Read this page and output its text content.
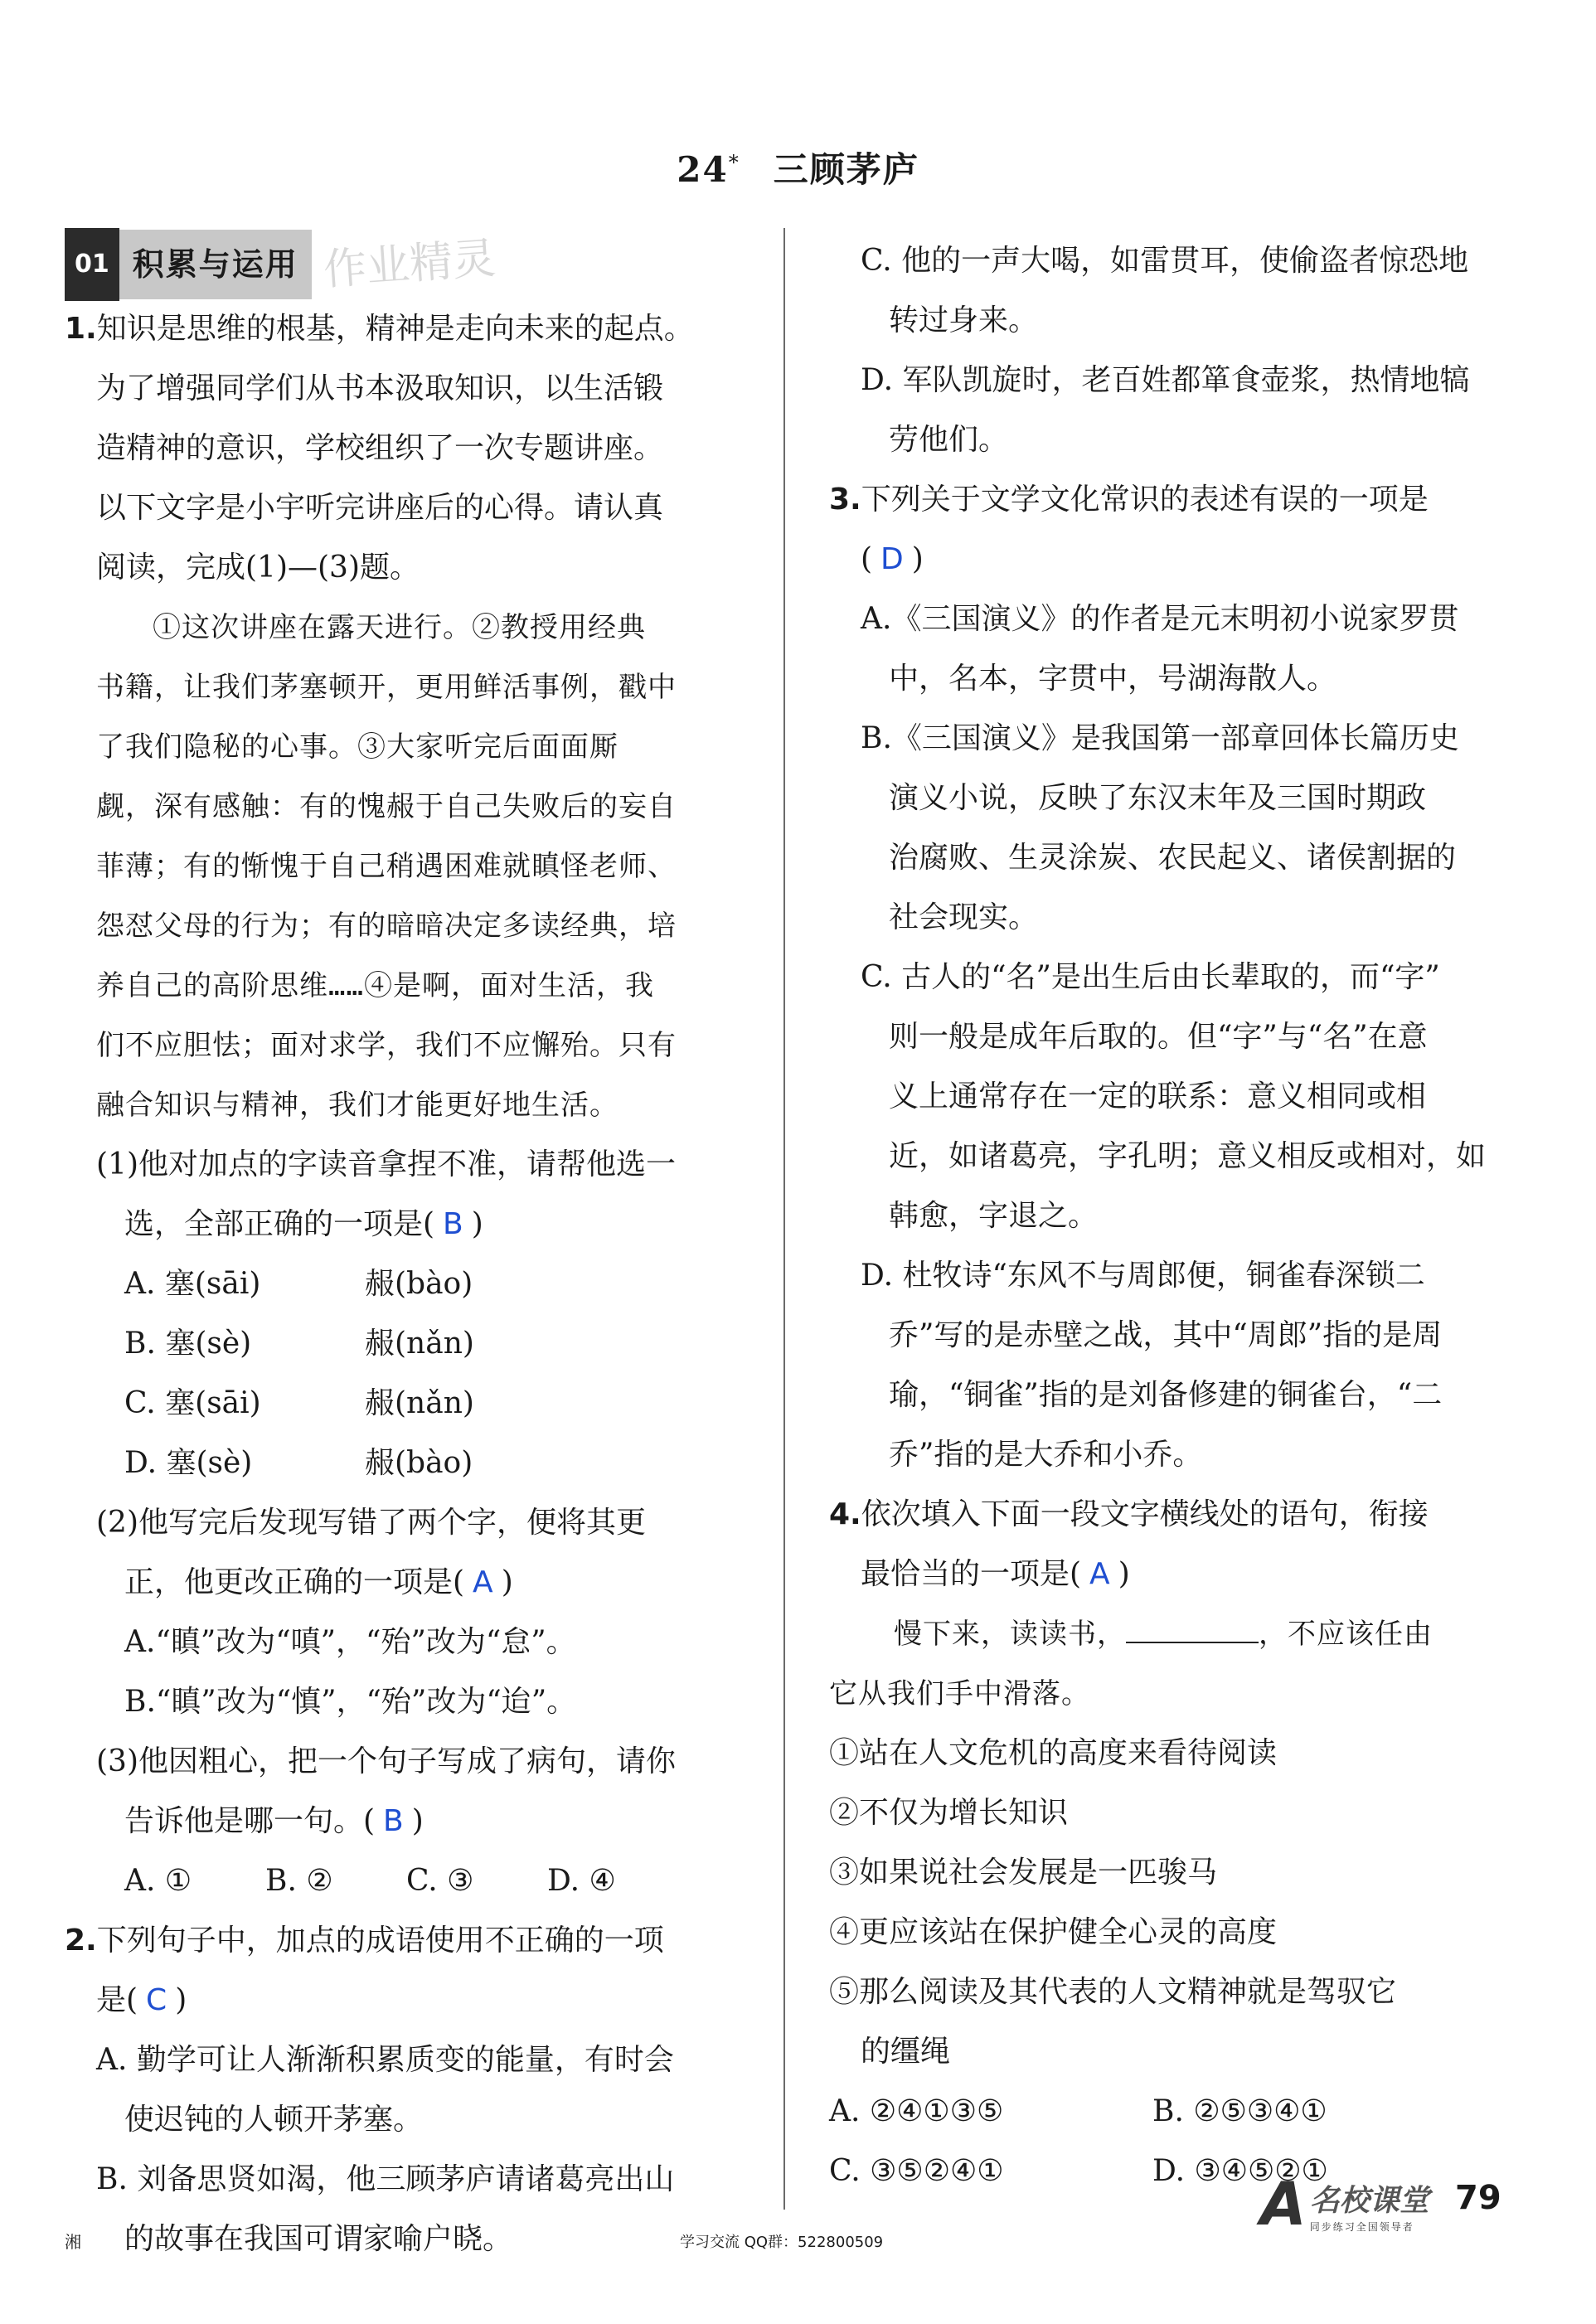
24* 三顾茅庐
01 积累与运用 作业精灵
1.知识是思维的根基，精神是走向未来的起点。
为了增强同学们从书本汲取知识，以生活锻
造精神的意识，学校组织了一次专题讲座。
以下文字是小宇听完讲座后的心得。请认真
阅读，完成(1)—(3)题。
①这次讲座在露天进行。②教授用经典
书籍，让我们茅塞顿开，更用鲜活事例，戳中
了我们隐秘的心事。③大家听完后面面厮
觑，深有感触：有的愧赧于自己失败后的妄自
菲薄；有的惭愧于自己稍遇困难就瞋怪老师、
怨怼父母的行为；有的暗暗决定多读经典，培
养自己的高阶思维……④是啊，面对生活，我
们不应胆怯；面对求学，我们不应懈殆。只有
融合知识与精神，我们才能更好地生活。
(1)他对加点的字读音拿捏不准，请帮他选一
选，全部正确的一项是( B )
A. 塞(sāi)	赧(bào)
B. 塞(sè)	赧(nǎn)
C. 塞(sāi)	赧(nǎn)
D. 塞(sè)	赧(bào)
(2)他写完后发现写错了两个字，便将其更
正，他更改正确的一项是( A )
A.“瞋”改为“嗔”，“殆”改为“怠”。
B.“瞋”改为“慎”，“殆”改为“迨”。
(3)他因粗心，把一个句子写成了病句，请你
告诉他是哪一句。( B )
A. ①	B. ②	C. ③	D. ④
2.下列句子中，加点的成语使用不正确的一项
是( C )
A. 勤学可让人渐渐积累质变的能量，有时会
使迟钝的人顿开茅塞。
B. 刘备思贤如渴，他三顾茅庐请诸葛亮出山
的故事在我国可谓家喻户晓。
C. 他的一声大喝，如雷贯耳，使偷盗者惊恐地
转过身来。
D. 军队凯旋时，老百姓都箪食壶浆，热情地犒
劳他们。
3.下列关于文学文化常识的表述有误的一项是
( D )
A.《三国演义》的作者是元末明初小说家罗贯
中，名本，字贯中，号湖海散人。
B.《三国演义》是我国第一部章回体长篇历史
演义小说，反映了东汉末年及三国时期政
治腐败、生灵涂炭、农民起义、诸侯割据的
社会现实。
C. 古人的“名”是出生后由长辈取的，而“字”
则一般是成年后取的。但“字”与“名”在意
义上通常存在一定的联系：意义相同或相
近，如诸葛亮，字孔明；意义相反或相对，如
韩愈，字退之。
D. 杜牧诗“东风不与周郎便，铜雀春深锁二
乔”写的是赤壁之战，其中“周郎”指的是周
瑜，“铜雀”指的是刘备修建的铜雀台，“二
乔”指的是大乔和小乔。
4.依次填入下面一段文字横线处的语句，衔接
最恰当的一项是( A )
慢下来，读读书，	，不应该任由
它从我们手中滑落。
①站在人文危机的高度来看待阅读
②不仅为增长知识
③如果说社会发展是一匹骏马
④更应该站在保护健全心灵的高度
⑤那么阅读及其代表的人文精神就是驾驭它
的缰绳
A. ②④①③⑤	B. ②⑤③④①
C. ③⑤②④①	D. ③④⑤②①
湘	学习交流 QQ群：522800509
A 名校课堂
同步练习全国领导者
79
